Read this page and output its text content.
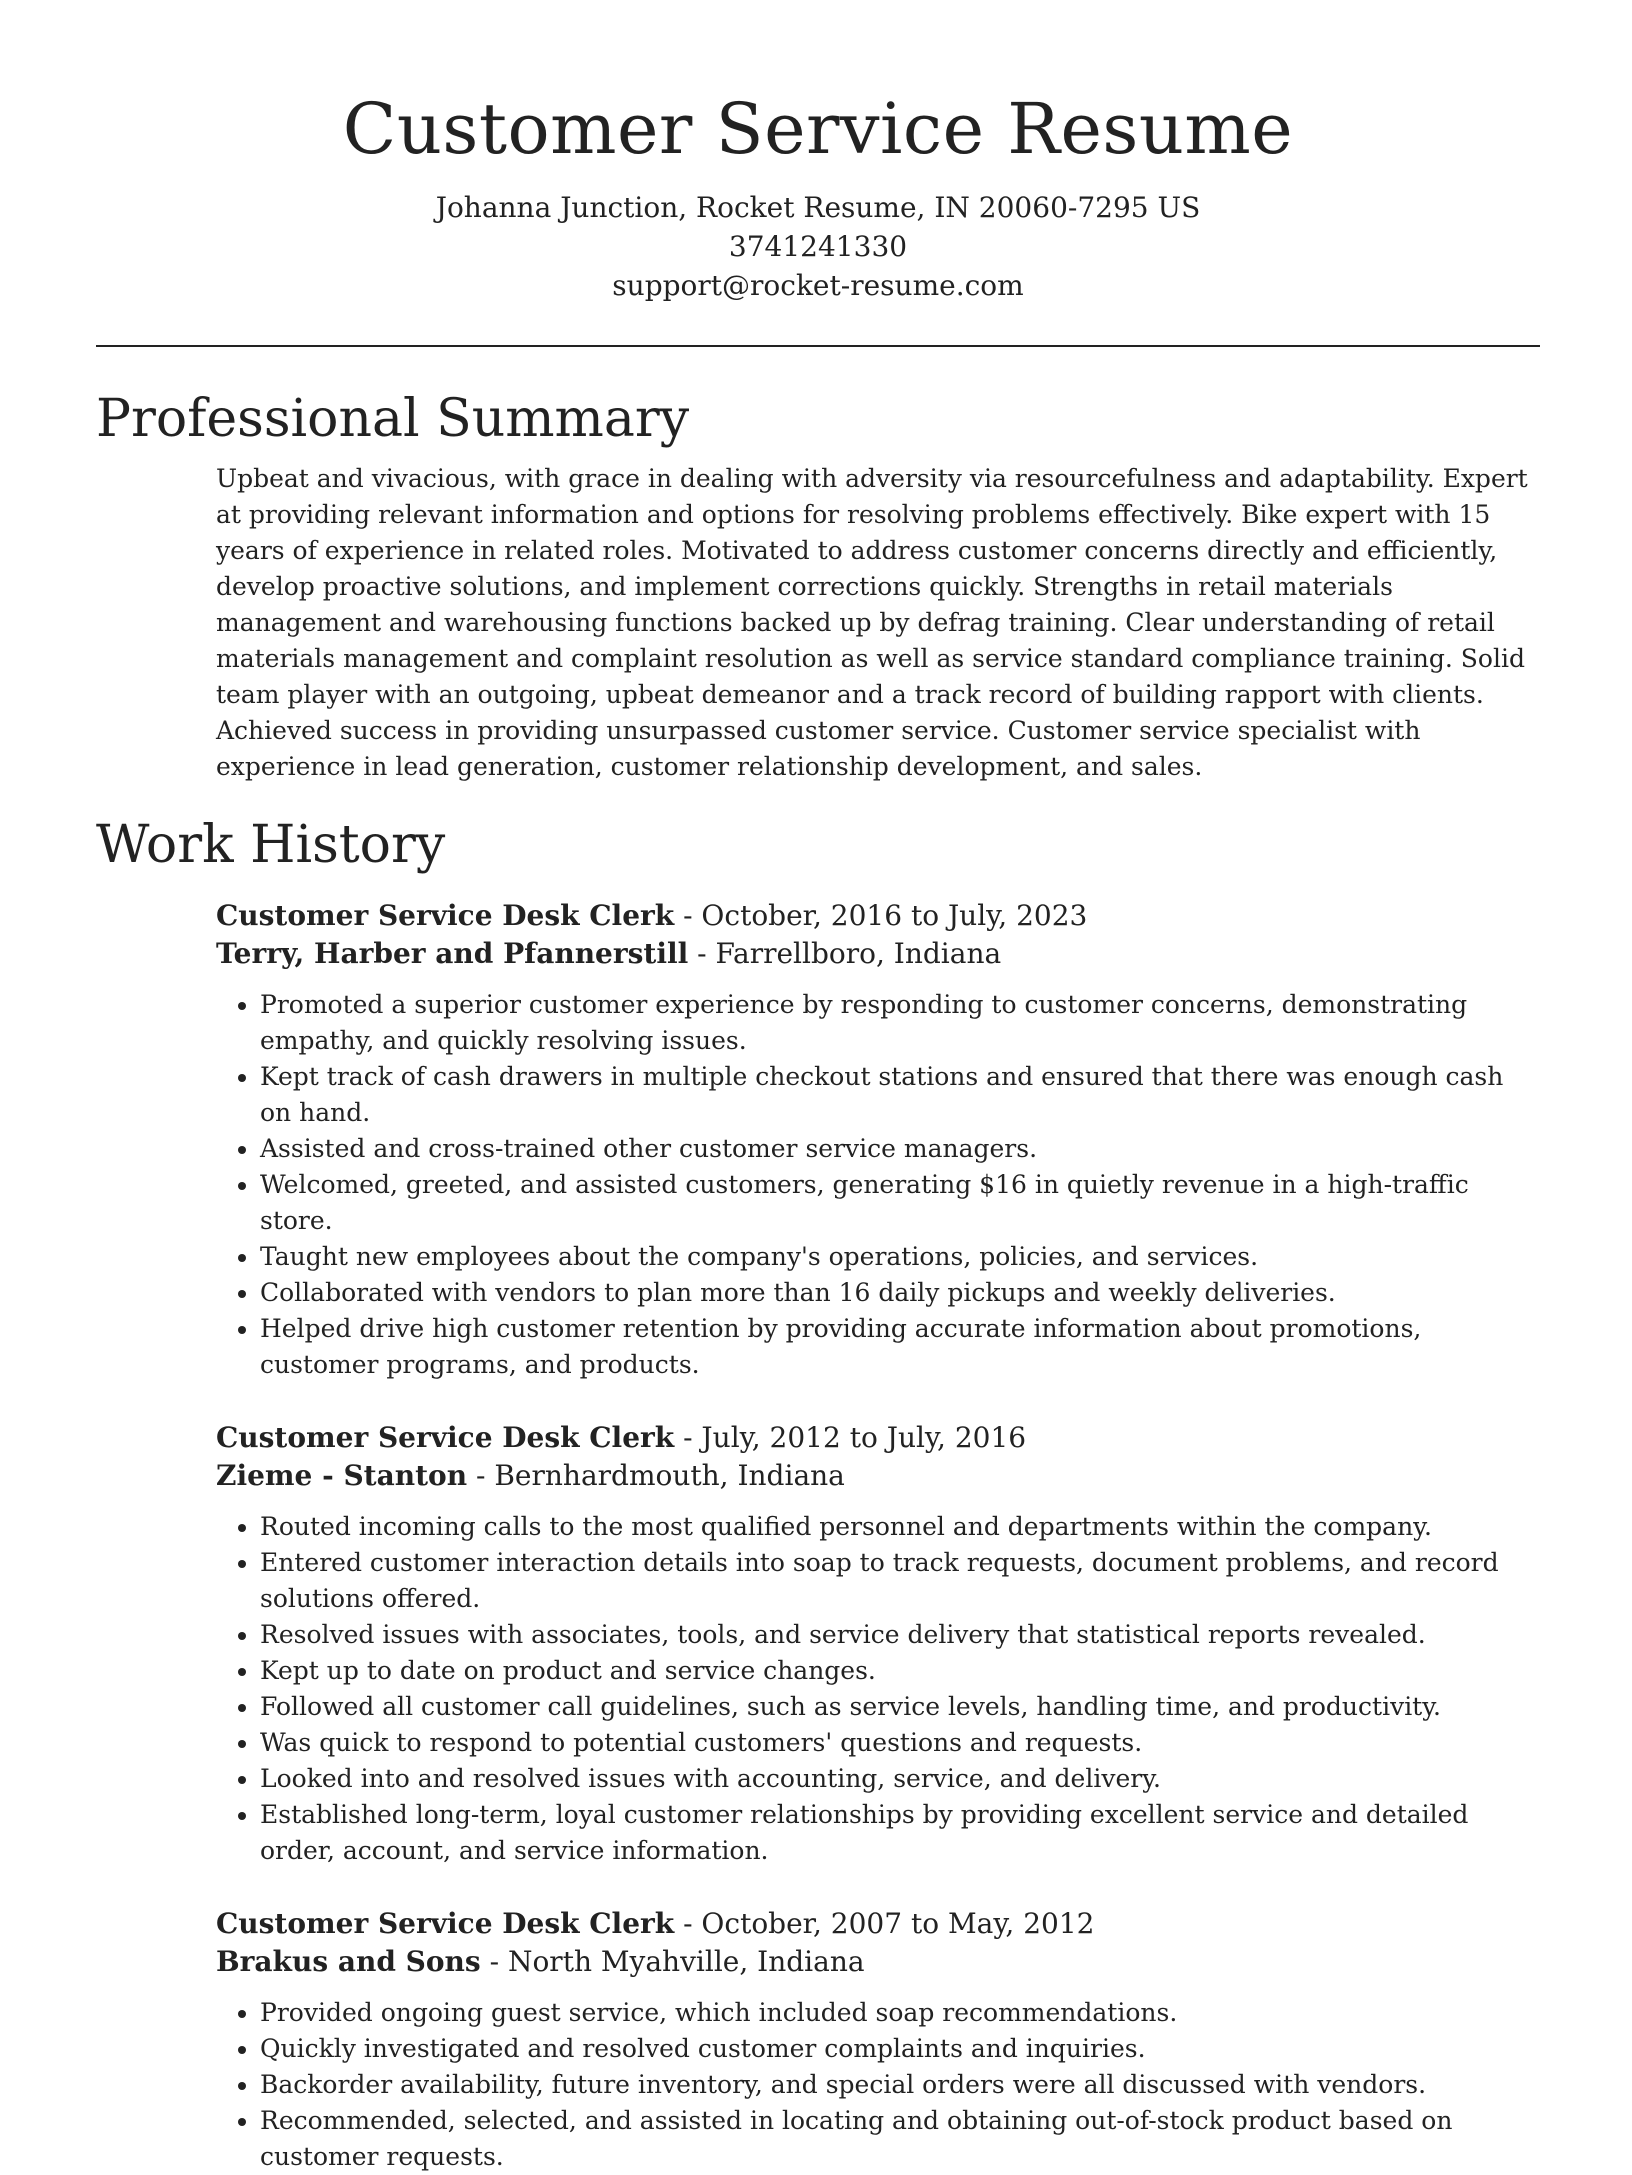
Customer Service Resume

Johanna Junction, Rocket Resume, IN 20060-7295 US

3741241330

support@rocket-resume.com

Professional Summary

Upbeat and vivacious, with grace in dealing with adversity via resourcefulness and adaptability. Expert at providing relevant information and options for resolving problems effectively. Bike expert with 15 years of experience in related roles. Motivated to address customer concerns directly and efficiently, develop proactive solutions, and implement corrections quickly. Strengths in retail materials management and warehousing functions backed up by defrag training. Clear understanding of retail materials management and complaint resolution as well as service standard compliance training. Solid team player with an outgoing, upbeat demeanor and a track record of building rapport with clients. Achieved success in providing unsurpassed customer service. Customer service specialist with experience in lead generation, customer relationship development, and sales.

Work History

Customer Service Desk Clerk - October, 2016 to July, 2023

Terry, Harber and Pfannerstill - Farrellboro, Indiana

• Promoted a superior customer experience by responding to customer concerns, demonstrating empathy, and quickly resolving issues.
• Kept track of cash drawers in multiple checkout stations and ensured that there was enough cash on hand.
• Assisted and cross-trained other customer service managers.
• Welcomed, greeted, and assisted customers, generating $16 in quietly revenue in a high-traffic store.
• Taught new employees about the company's operations, policies, and services.
• Collaborated with vendors to plan more than 16 daily pickups and weekly deliveries.
• Helped drive high customer retention by providing accurate information about promotions, customer programs, and products.

Customer Service Desk Clerk - July, 2012 to July, 2016

Zieme - Stanton - Bernhardmouth, Indiana

• Routed incoming calls to the most qualified personnel and departments within the company.
• Entered customer interaction details into soap to track requests, document problems, and record solutions offered.
• Resolved issues with associates, tools, and service delivery that statistical reports revealed.
• Kept up to date on product and service changes.
• Followed all customer call guidelines, such as service levels, handling time, and productivity.
• Was quick to respond to potential customers' questions and requests.
• Looked into and resolved issues with accounting, service, and delivery.
• Established long-term, loyal customer relationships by providing excellent service and detailed order, account, and service information.

Customer Service Desk Clerk - October, 2007 to May, 2012

Brakus and Sons - North Myahville, Indiana

• Provided ongoing guest service, which included soap recommendations.
• Quickly investigated and resolved customer complaints and inquiries.
• Backorder availability, future inventory, and special orders were all discussed with vendors.
• Recommended, selected, and assisted in locating and obtaining out-of-stock product based on customer requests.
